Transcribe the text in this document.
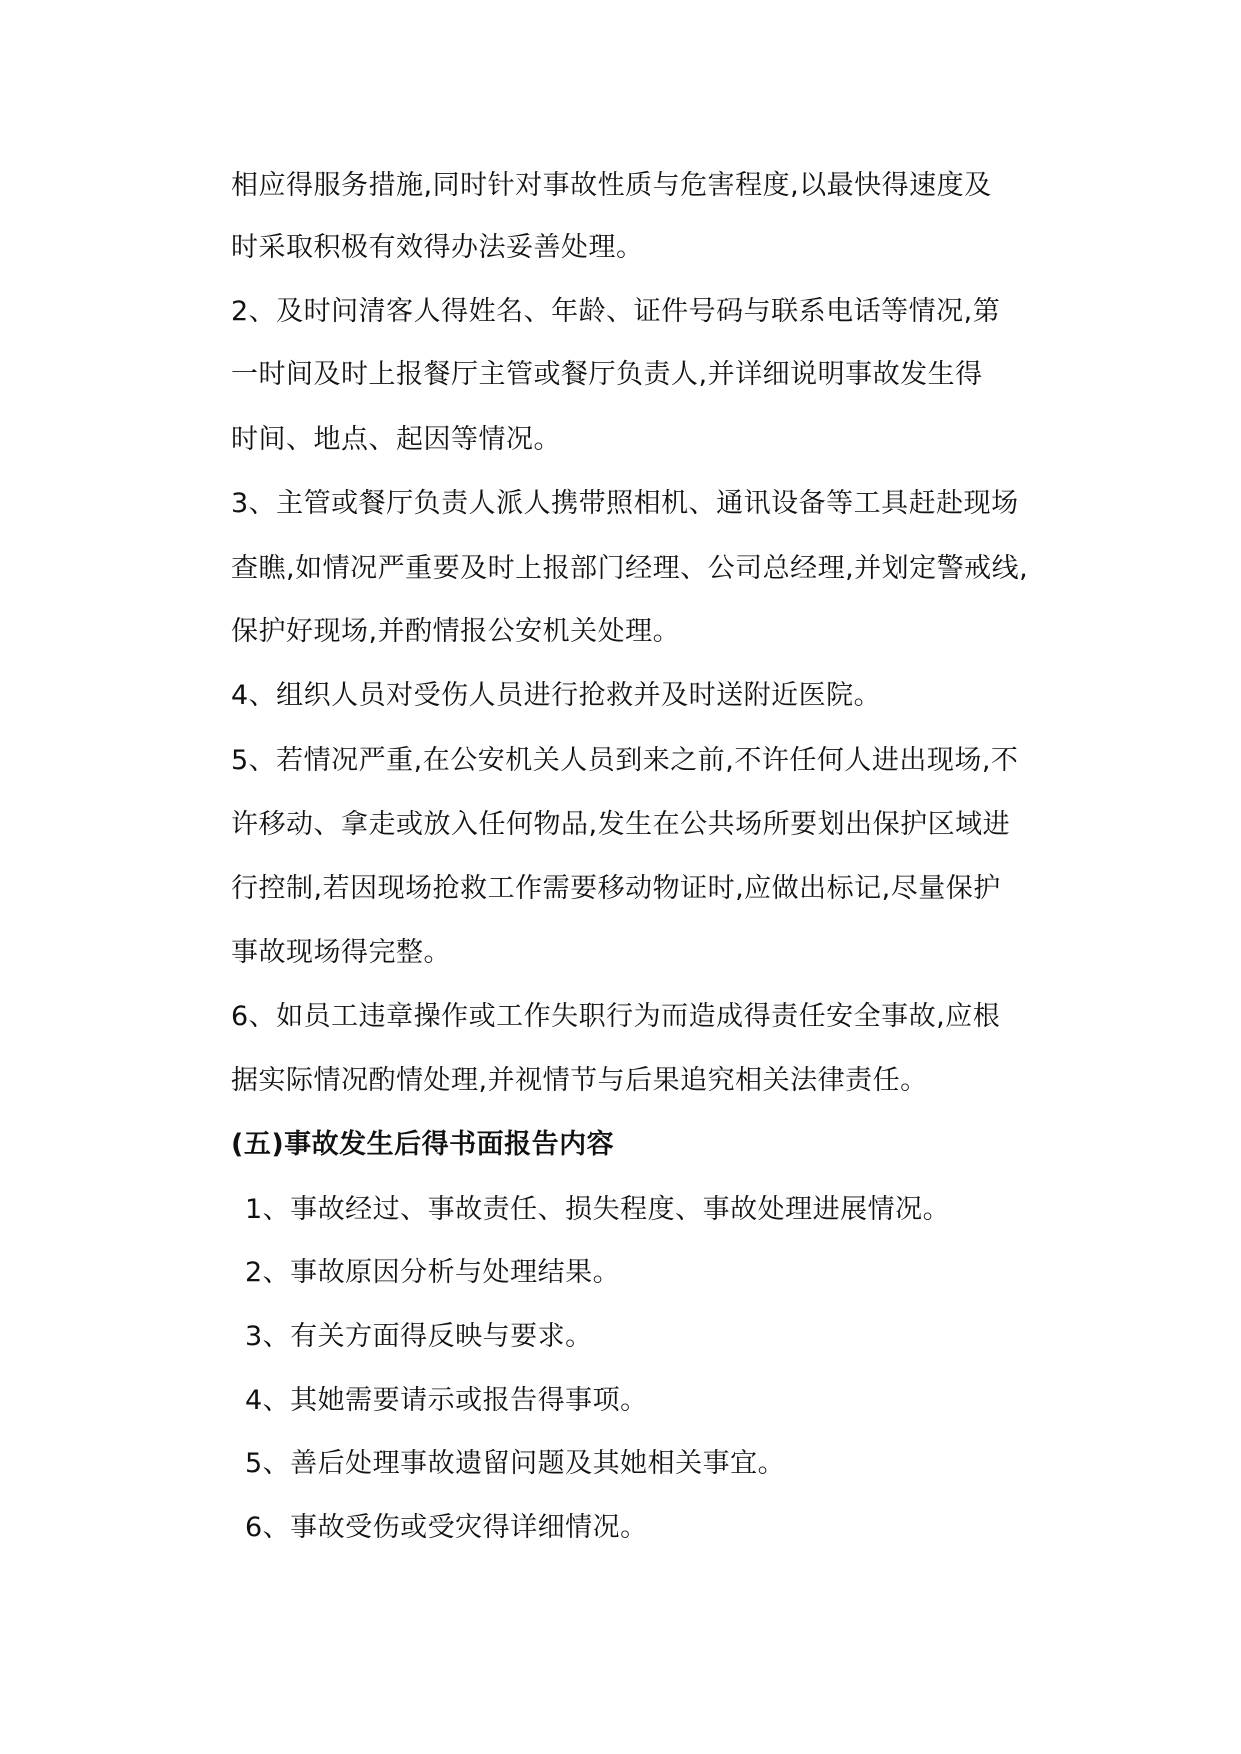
相应得服务措施,同时针对事故性质与危害程度,以最快得速度及
时采取积极有效得办法妥善处理。
2、及时问清客人得姓名、年龄、证件号码与联系电话等情况,第
一时间及时上报餐厅主管或餐厅负责人,并详细说明事故发生得
时间、地点、起因等情况。
3、主管或餐厅负责人派人携带照相机、通讯设备等工具赶赴现场
查瞧,如情况严重要及时上报部门经理、公司总经理,并划定警戒线,
保护好现场,并酌情报公安机关处理。
4、组织人员对受伤人员进行抢救并及时送附近医院。
5、若情况严重,在公安机关人员到来之前,不许任何人进出现场,不
许移动、拿走或放入任何物品,发生在公共场所要划出保护区域进
行控制,若因现场抢救工作需要移动物证时,应做出标记,尽量保护
事故现场得完整。
6、如员工违章操作或工作失职行为而造成得责任安全事故,应根
据实际情况酌情处理,并视情节与后果追究相关法律责任。
(五)事故发生后得书面报告内容
1、事故经过、事故责任、损失程度、事故处理进展情况。
2、事故原因分析与处理结果。
3、有关方面得反映与要求。
4、其她需要请示或报告得事项。
5、善后处理事故遗留问题及其她相关事宜。
6、事故受伤或受灾得详细情况。
